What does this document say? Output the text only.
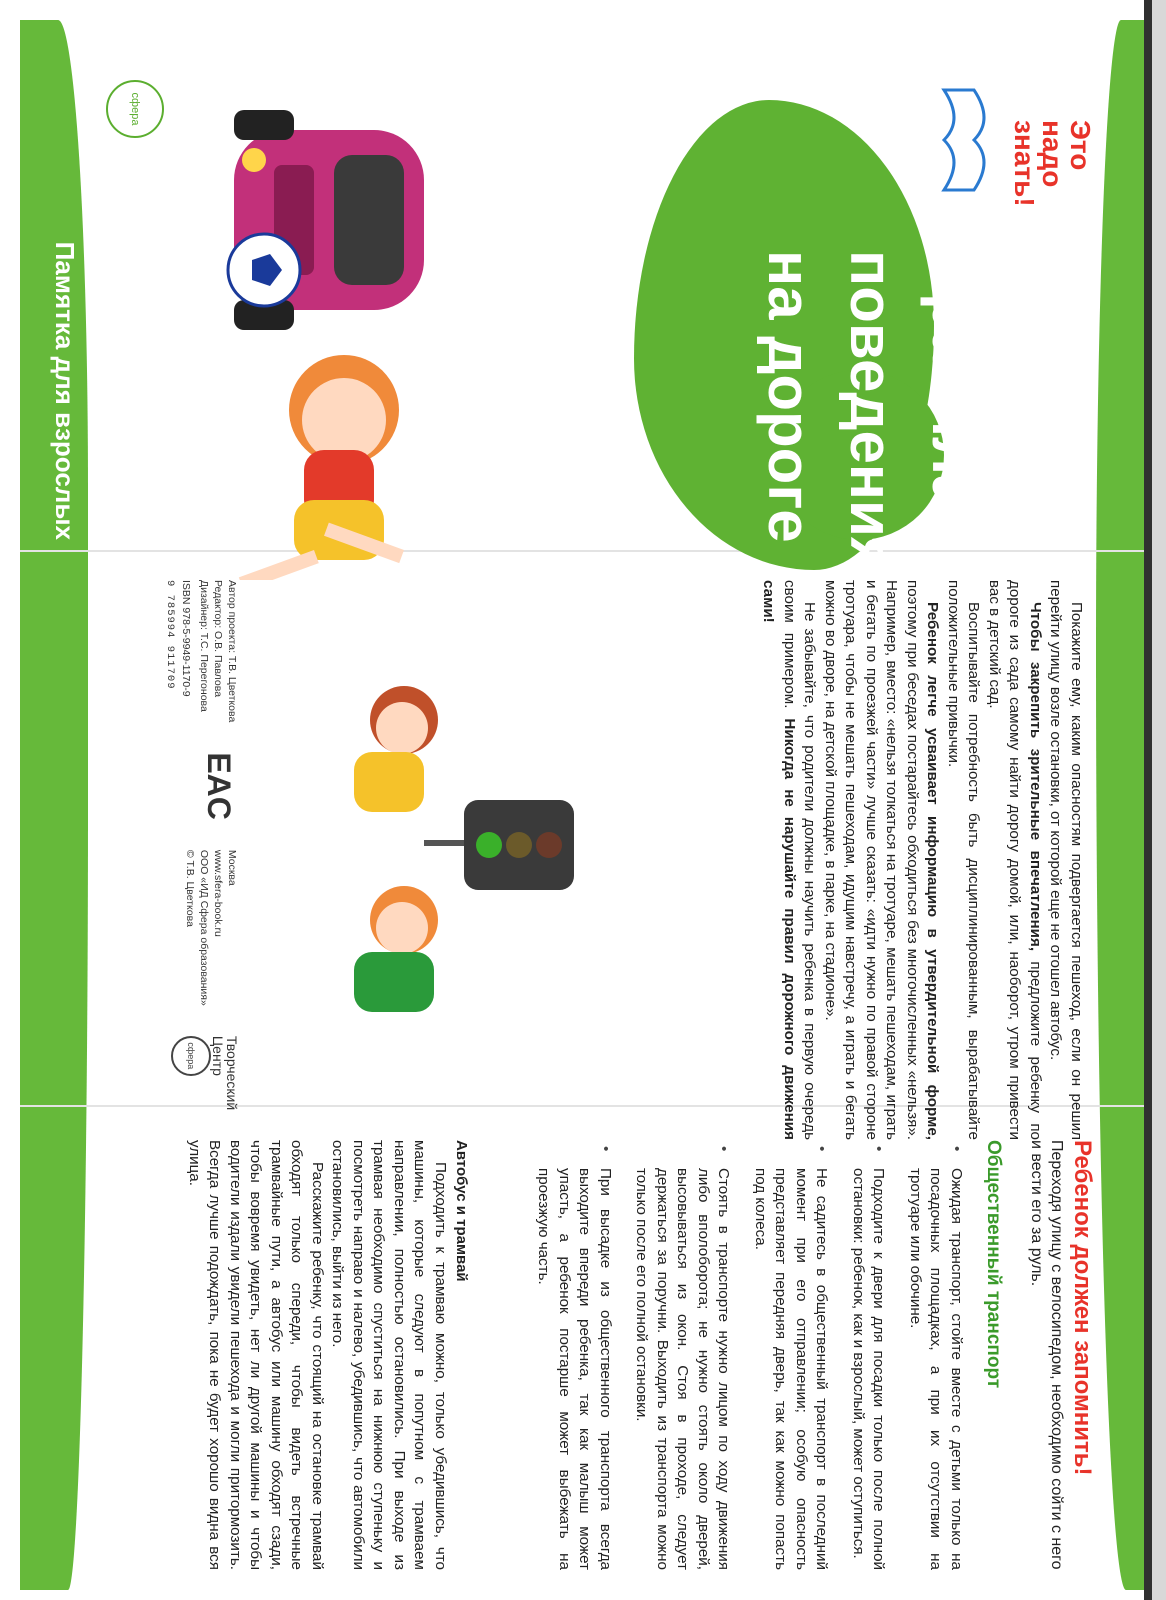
Это
надо
знать!
Правила
поведения
на дороге
сфера
Памятка для взрослых

Покажите ему, каким опасностям подвергается пешеход, если он решил перейти улицу возле остановки, от которой еще не отошел автобус.

Чтобы закрепить зрительные впечатления, предложите ребенку по дороге из сада самому найти дорогу домой, или, наоборот, утром привести вас в детский сад.

Воспитывайте потребность быть дисциплинированным, вырабатывайте положительные привычки.

Ребенок легче усваивает информацию в утвердительной форме, поэтому при беседах постарайтесь обходиться без многочисленных «нельзя». Например, вместо: «нельзя толкаться на тротуаре, мешать пешеходам, играть и бегать по проезжей части» лучше сказать: «идти нужно по правой стороне тротуара, чтобы не мешать пешеходам, идущим навстречу, а играть и бегать можно во дворе, на детской площадке, в парке, на стадионе».

Не забывайте, что родители должны научить ребенка в первую очередь своим примером. Никогда не нарушайте правил дорожного движения сами!

Автор проекта: Т.В. Цветкова
Редактор: О.В. Павлова
Дизайнер: Т.С. Перегонова
ISBN 978-5-9949-1170-9
9 785994 911709
EAC
Москва
www.sfera-book.ru
ООО «ИД Сфера образования»
© Т.В. Цветкова
Творческий
Центр
сфера
Ребенок должен запомнить!
Переходя улицу с велосипедом, необходимо сойти с него и вести его за руль.
Общественный транспорт
• Ожидая транспорт, стойте вместе с детьми только на посадочных площадках, а при их отсутствии на тротуаре или обочине.
• Подходите к двери для посадки только после полной остановки: ребенок, как и взрослый, может оступиться.
• Не садитесь в общественный транспорт в последний момент при его отправлении; особую опасность представляет передняя дверь, так как можно попасть под колеса.
• Стоять в транспорте нужно лицом по ходу движения либо вполоборота; не нужно стоять около дверей, высовываться из окон. Стоя в проходе, следует держаться за поручни. Выходить из транспорта можно только после его полной остановки.
• При высадке из общественного транспорта всегда выходите впереди ребенка, так как малыш может упасть, а ребенок постарше может выбежать на проезжую часть.
Автобус и трамвай

Подходить к трамваю можно, только убедившись, что машины, которые следуют в попутном с трамваем направлении, полностью остановились. При выходе из трамвая необходимо спуститься на нижнюю ступеньку и посмотреть направо и налево, убедившись, что автомобили остановились, выйти из него.

Расскажите ребенку, что стоящий на остановке трамвай обходят только спереди, чтобы видеть встречные трамвайные пути, а автобус или машину обходят сзади, чтобы вовремя увидеть, нет ли другой машины и чтобы водители издали увидели пешехода и могли притормозить. Всегда лучше подождать, пока не будет хорошо видна вся улица.
